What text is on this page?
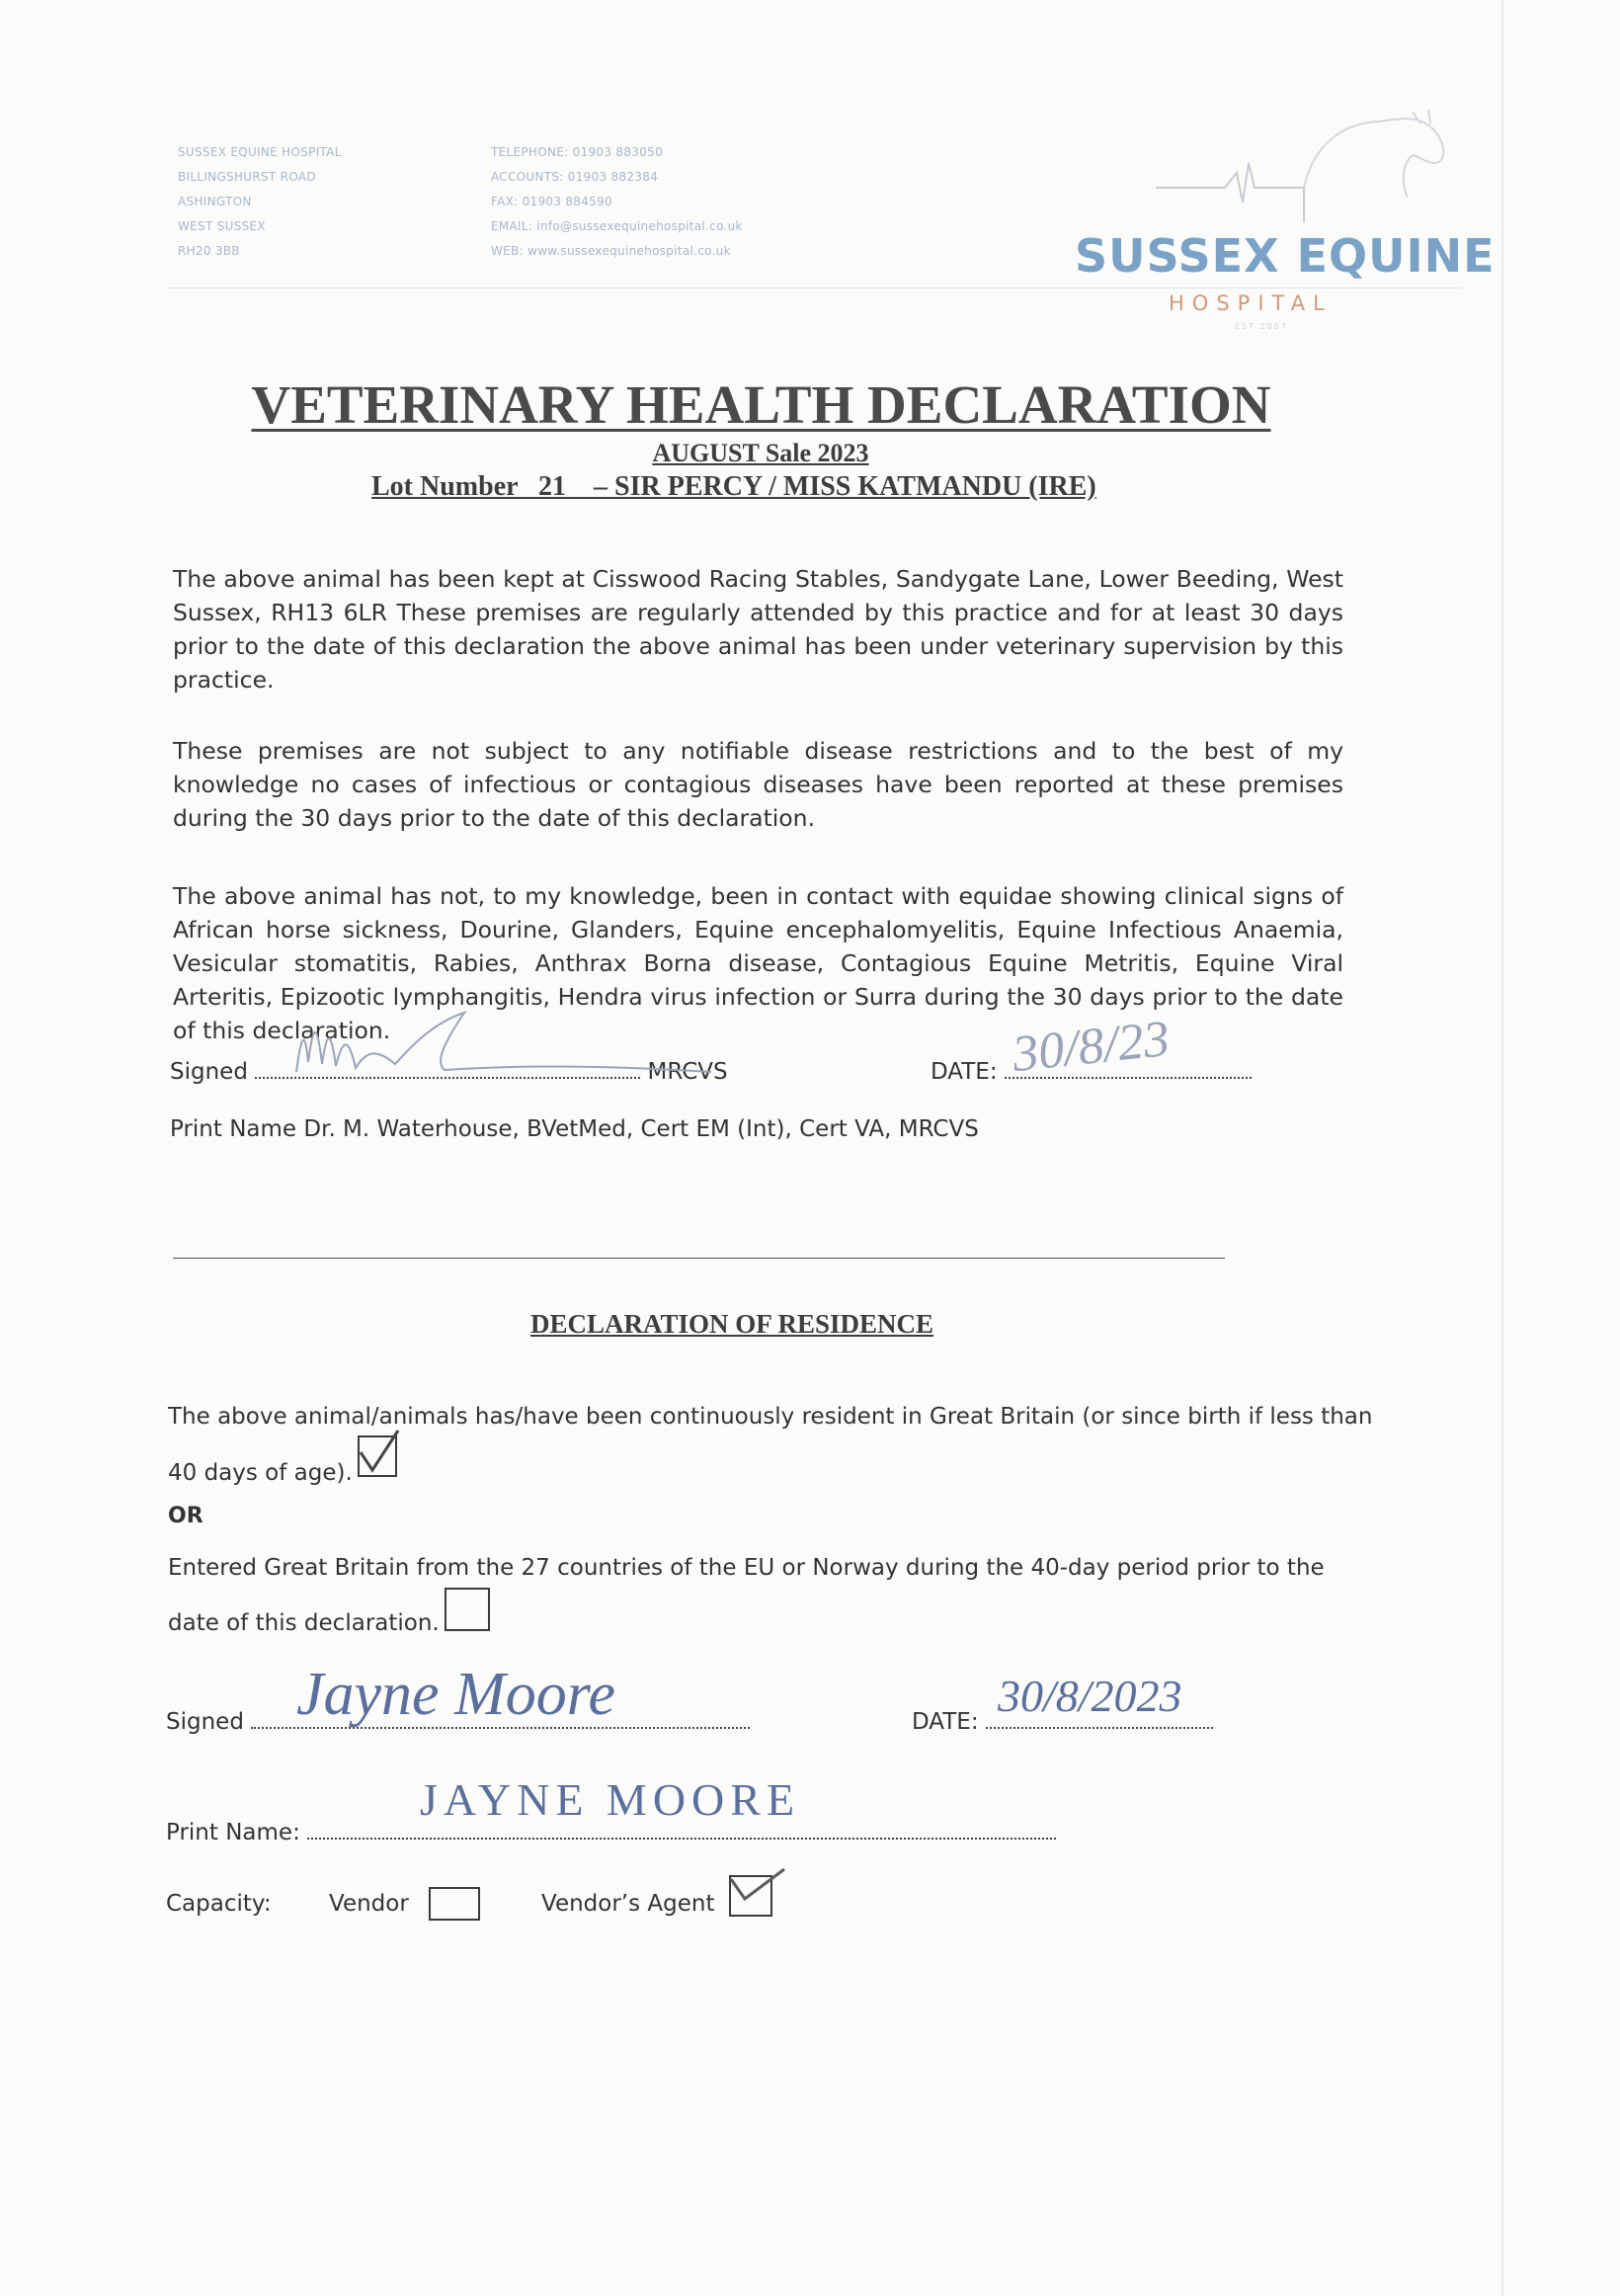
SUSSEX EQUINE HOSPITAL
BILLINGSHURST ROAD
ASHINGTON
WEST SUSSEX
RH20 3BB
TELEPHONE: 01903 883050
ACCOUNTS: 01903 882384
FAX: 01903 884590
EMAIL: info@sussexequinehospital.co.uk
WEB: www.sussexequinehospital.co.uk	SUSSEX EQUINE
HOSPITAL
EST 2007
VETERINARY HEALTH DECLARATION
AUGUST Sale 2023
Lot Number   21    – SIR PERCY / MISS KATMANDU (IRE)
The above animal has been kept at Cisswood Racing Stables, Sandygate Lane, Lower Beeding, West Sussex, RH13 6LR These premises are regularly attended by this practice and for at least 30 days prior to the date of this declaration the above animal has been under veterinary supervision by this practice.
These premises are not subject to any notifiable disease restrictions and to the best of my knowledge no cases of infectious or contagious diseases have been reported at these premises during the 30 days prior to the date of this declaration.
The above animal has not, to my knowledge, been in contact with equidae showing clinical signs of African horse sickness, Dourine, Glanders, Equine encephalomyelitis, Equine Infectious Anaemia, Vesicular stomatitis, Rabies, Anthrax Borna disease, Contagious Equine Metritis, Equine Viral Arteritis, Epizootic lymphangitis, Hendra virus infection or Surra during the 30 days prior to the date of this declaration.
Signed	MRCVS	DATE: 30/8/23
Print Name Dr. M. Waterhouse, BVetMed, Cert EM (Int), Cert VA, MRCVS
DECLARATION OF RESIDENCE
The above animal/animals has/have been continuously resident in Great Britain (or since birth if less than
40 days of age).
OR
Entered Great Britain from the 27 countries of the EU or Norway during the 40-day period prior to the
date of this declaration.
Signed Jayne Moore	DATE:
30/8/2023
Print Name:
JAYNE MOORE
Capacity:	Vendor	Vendor’s Agent
